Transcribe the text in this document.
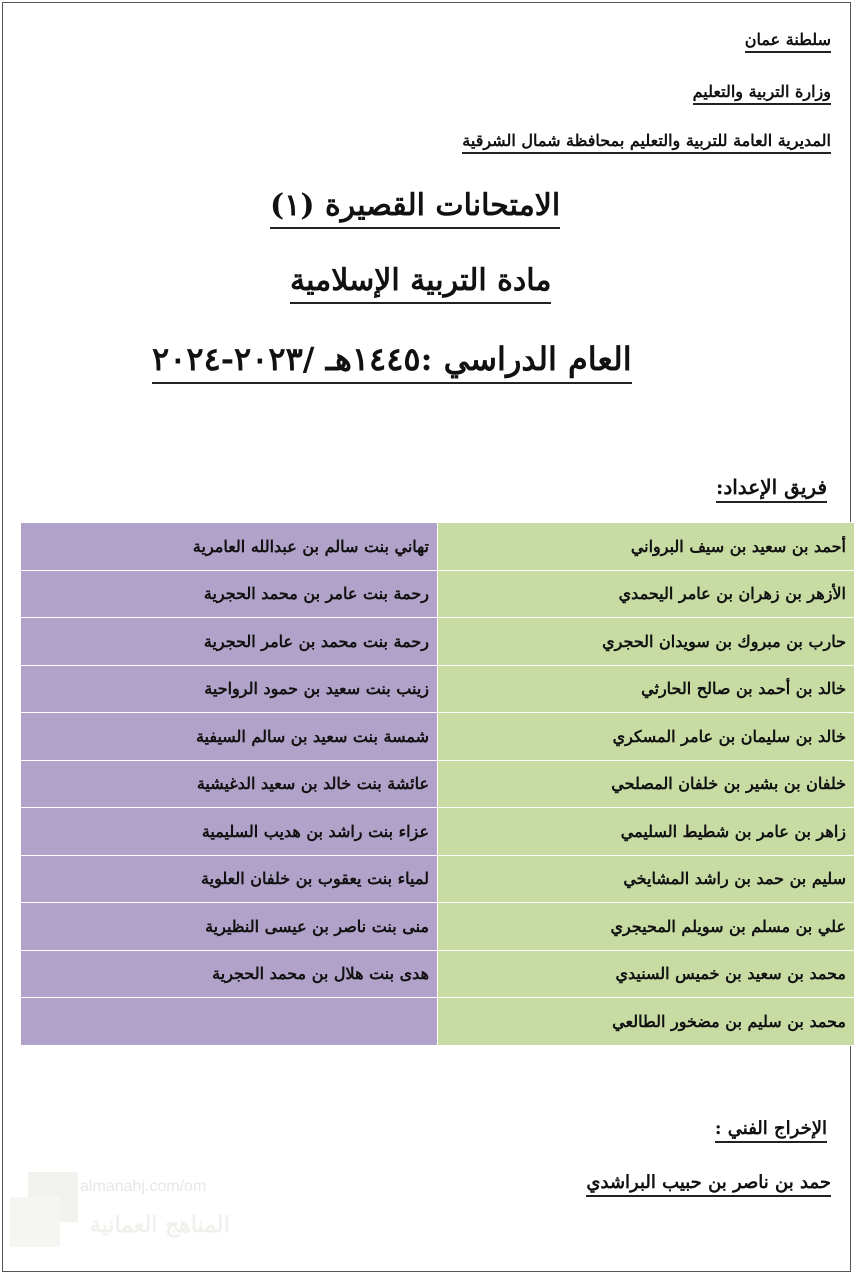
سلطنة عمان

وزارة التربية والتعليم

المديرية العامة للتربية والتعليم بمحافظة شمال الشرقية

الامتحانات القصيرة (١)
مادة التربية الإسلامية
العام الدراسي :١٤٤٥هـ /٢٠٢٣-٢٠٢٤
فريق الإعداد:
أحمد بن سعيد بن سيف البرواني	تهاني بنت سالم بن عبدالله العامرية
الأزهر بن زهران بن عامر اليحمدي	رحمة بنت عامر بن محمد الحجرية
حارب بن مبروك بن سويدان الحجري	رحمة بنت محمد بن عامر الحجرية
خالد بن أحمد بن صالح الحارثي	زينب بنت سعيد بن حمود الرواحية
خالد بن سليمان بن عامر المسكري	شمسة بنت سعيد بن سالم السيفية
خلفان بن بشير بن خلفان المصلحي	عائشة بنت خالد بن سعيد الدغيشية
زاهر بن عامر بن شطيط السليمي	عزاء بنت راشد بن هديب السليمية
سليم بن حمد بن راشد المشايخي	لمياء بنت يعقوب بن خلفان العلوية
علي بن مسلم بن سويلم المحيجري	منى بنت ناصر بن عيسى النظيرية
محمد بن سعيد بن خميس السنيدي	هدى بنت هلال بن محمد الحجرية
محمد بن سليم بن مضخور الطالعي	
الإخراج الفني :

حمد بن ناصر بن حبيب البراشدي

almanahj.com/om
المناهج العمانية
